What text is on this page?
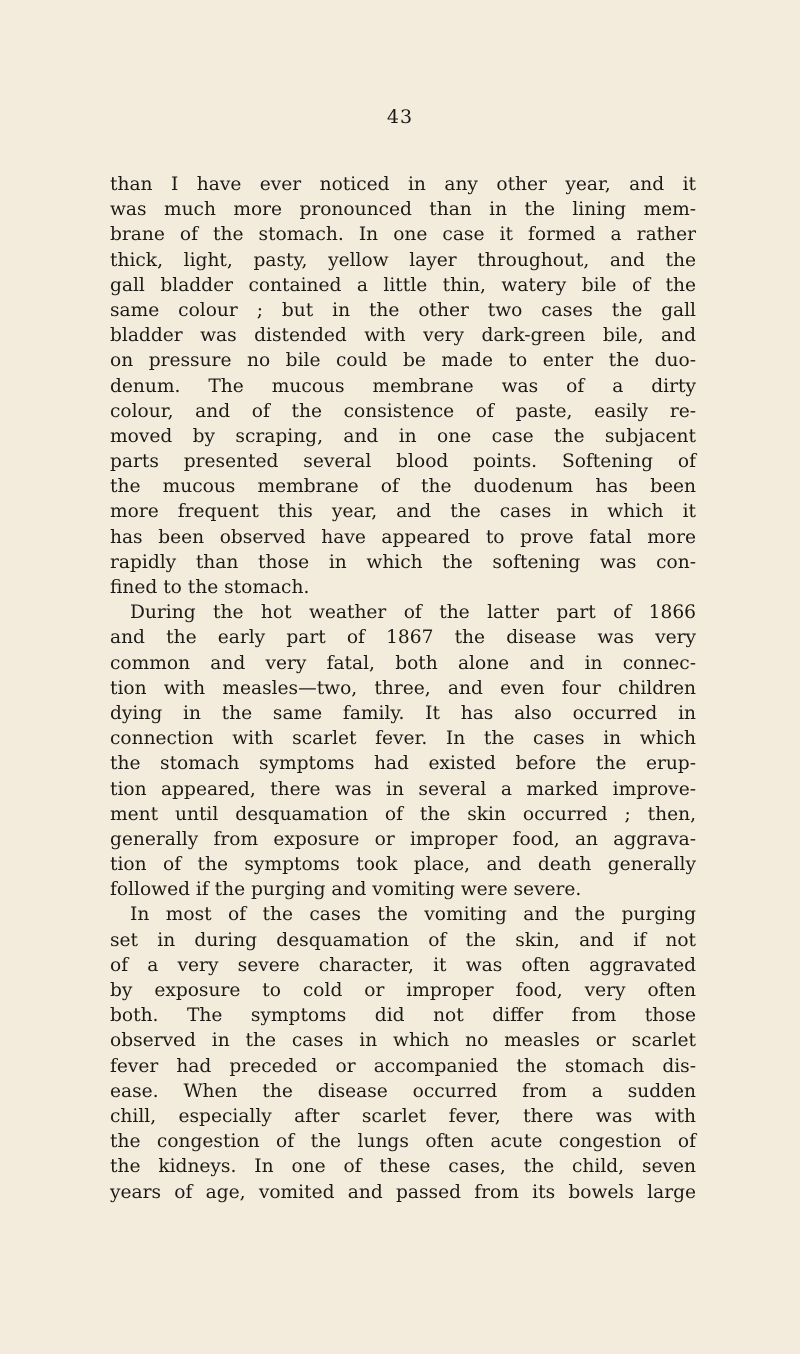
43
than I have ever noticed in any other year, and it
was much more pronounced than in the lining mem-
brane of the stomach. In one case it formed a rather
thick, light, pasty, yellow layer throughout, and the
gall bladder contained a little thin, watery bile of the
same colour ; but in the other two cases the gall
bladder was distended with very dark-green bile, and
on pressure no bile could be made to enter the duo-
denum. The mucous membrane was of a dirty
colour, and of the consistence of paste, easily re-
moved by scraping, and in one case the subjacent
parts presented several blood points. Softening of
the mucous membrane of the duodenum has been
more frequent this year, and the cases in which it
has been observed have appeared to prove fatal more
rapidly than those in which the softening was con-
fined to the stomach.
During the hot weather of the latter part of 1866
and the early part of 1867 the disease was very
common and very fatal, both alone and in connec-
tion with measles—two, three, and even four children
dying in the same family. It has also occurred in
connection with scarlet fever. In the cases in which
the stomach symptoms had existed before the erup-
tion appeared, there was in several a marked improve-
ment until desquamation of the skin occurred ; then,
generally from exposure or improper food, an aggrava-
tion of the symptoms took place, and death generally
followed if the purging and vomiting were severe.
In most of the cases the vomiting and the purging
set in during desquamation of the skin, and if not
of a very severe character, it was often aggravated
by exposure to cold or improper food, very often
both. The symptoms did not differ from those
observed in the cases in which no measles or scarlet
fever had preceded or accompanied the stomach dis-
ease. When the disease occurred from a sudden
chill, especially after scarlet fever, there was with
the congestion of the lungs often acute congestion of
the kidneys. In one of these cases, the child, seven
years of age, vomited and passed from its bowels large
